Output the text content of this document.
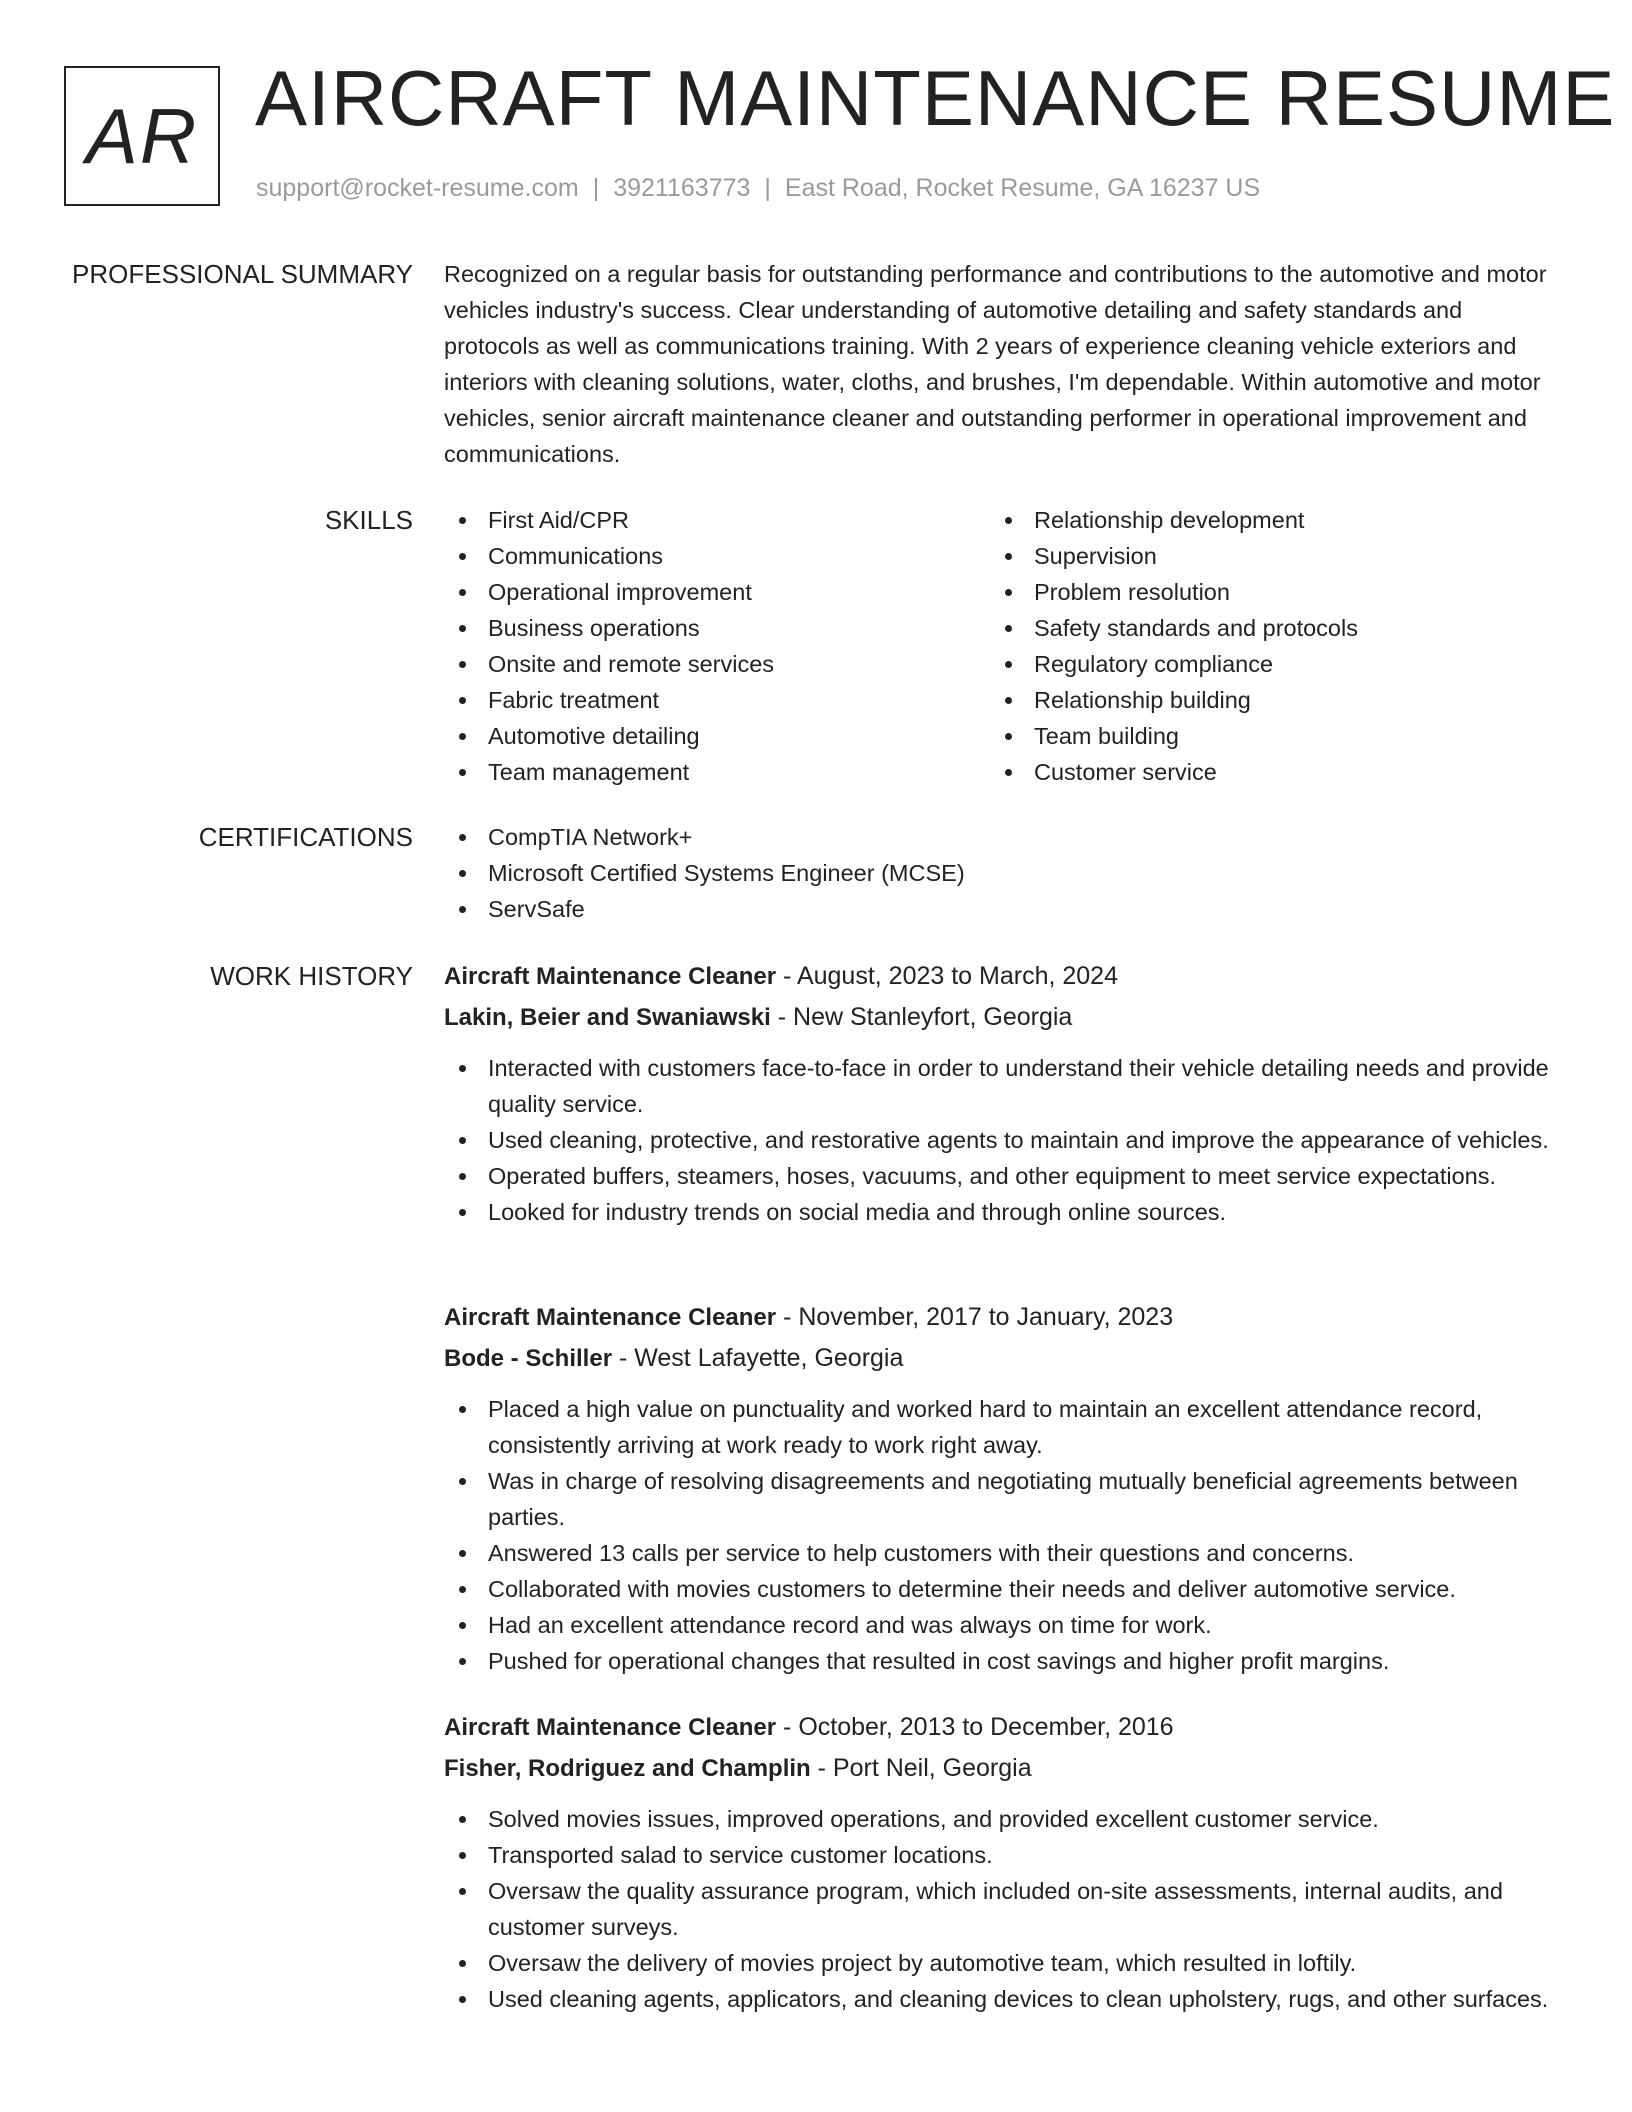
AR AIRCRAFT MAINTENANCE RESUME
support@rocket-resume.com | 3921163773 | East Road, Rocket Resume, GA 16237 US
PROFESSIONAL SUMMARY Recognized on a regular basis for outstanding performance and contributions to the automotive and motor vehicles industry's success. Clear understanding of automotive detailing and safety standards and protocols as well as communications training. With 2 years of experience cleaning vehicle exteriors and interiors with cleaning solutions, water, cloths, and brushes, I'm dependable. Within automotive and motor vehicles, senior aircraft maintenance cleaner and outstanding performer in operational improvement and communications.
SKILLS	First Aid/CPR
Communications
Operational improvement
Business operations
Onsite and remote services
Fabric treatment
Automotive detailing
Team management
Relationship development
Supervision
Problem resolution
Safety standards and protocols
Regulatory compliance
Relationship building
Team building
Customer service
CERTIFICATIONS	CompTIA Network+
Microsoft Certified Systems Engineer (MCSE)
ServSafe
WORK HISTORY Aircraft Maintenance Cleaner - August, 2023 to March, 2024
Lakin, Beier and Swaniawski - New Stanleyfort, Georgia
Interacted with customers face-to-face in order to understand their vehicle detailing needs and provide quality service.
Used cleaning, protective, and restorative agents to maintain and improve the appearance of vehicles.
Operated buffers, steamers, hoses, vacuums, and other equipment to meet service expectations.
Looked for industry trends on social media and through online sources.
Aircraft Maintenance Cleaner - November, 2017 to January, 2023
Bode - Schiller - West Lafayette, Georgia
Placed a high value on punctuality and worked hard to maintain an excellent attendance record, consistently arriving at work ready to work right away.
Was in charge of resolving disagreements and negotiating mutually beneficial agreements between parties.
Answered 13 calls per service to help customers with their questions and concerns.
Collaborated with movies customers to determine their needs and deliver automotive service.
Had an excellent attendance record and was always on time for work.
Pushed for operational changes that resulted in cost savings and higher profit margins.
Aircraft Maintenance Cleaner - October, 2013 to December, 2016
Fisher, Rodriguez and Champlin - Port Neil, Georgia
Solved movies issues, improved operations, and provided excellent customer service.
Transported salad to service customer locations.
Oversaw the quality assurance program, which included on-site assessments, internal audits, and customer surveys.
Oversaw the delivery of movies project by automotive team, which resulted in loftily.
Used cleaning agents, applicators, and cleaning devices to clean upholstery, rugs, and other surfaces.
